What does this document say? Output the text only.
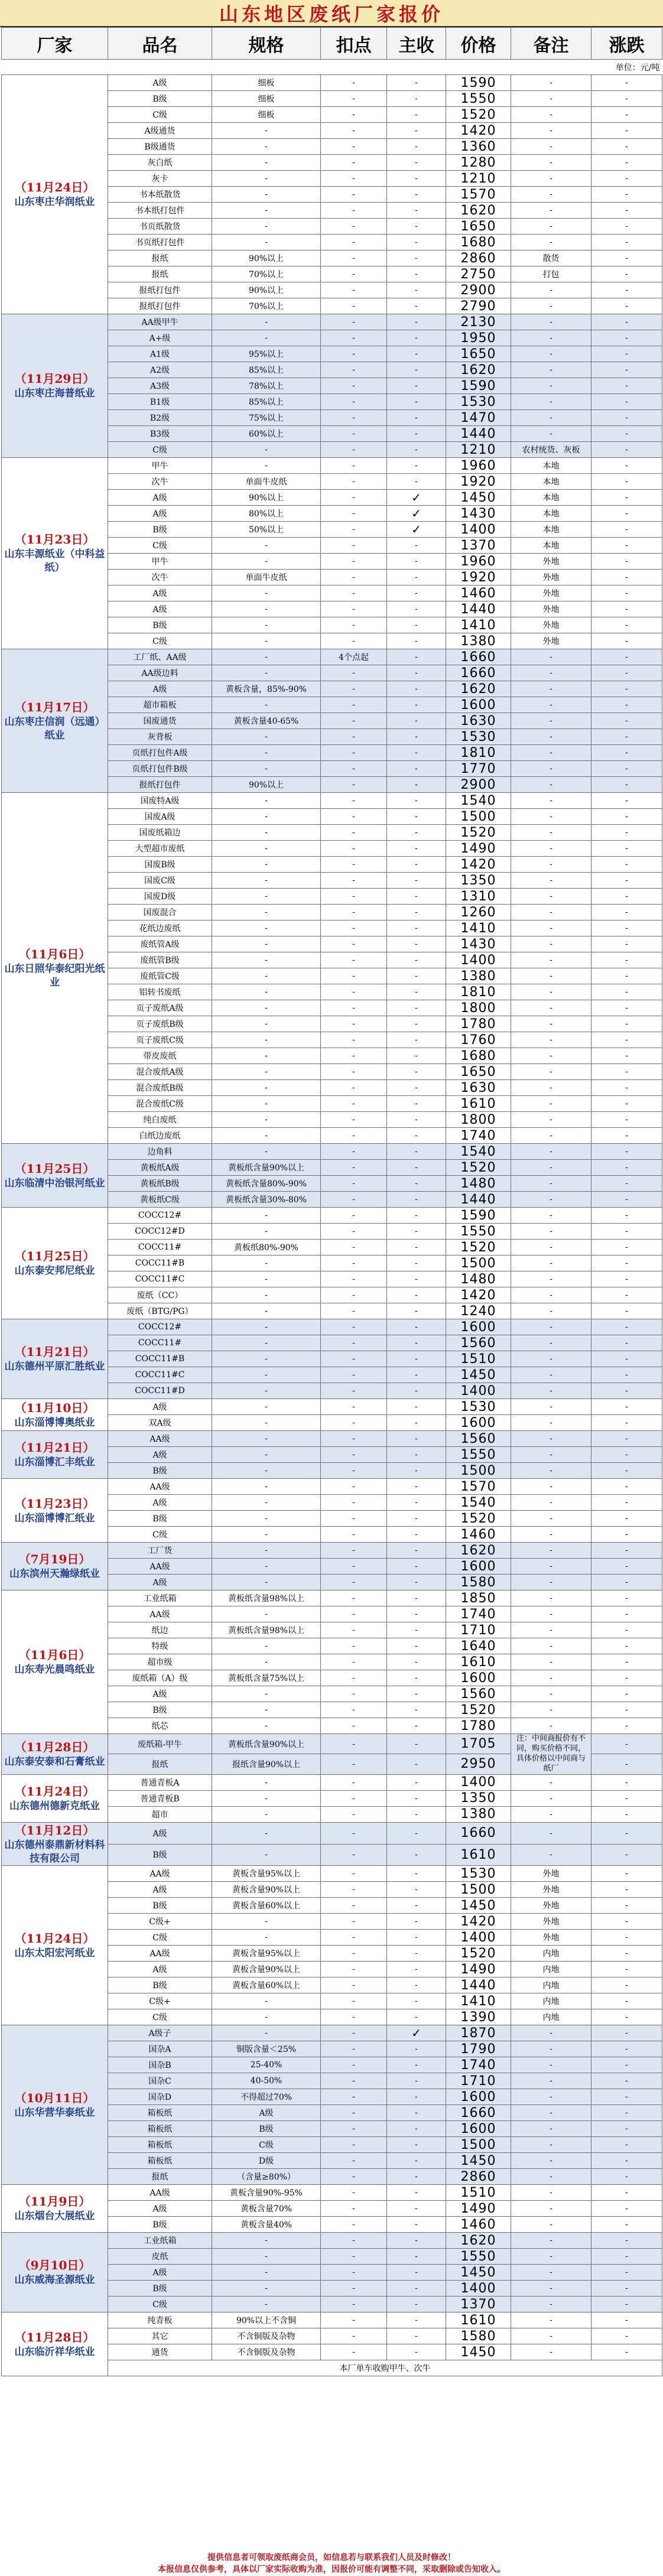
山东地区废纸厂家报价
厂家	品名	规格	扣点	主收	价格	备注	涨跌
单位：元/吨							

（11月24日）
山东枣庄华润纸业	A级	细板	-	-	1590	-	-
	B级	细板	-	-	1550	-	-
	C级	细板	-	-	1520	-	-
	A级通货	-	-	-	1420	-	-
	B级通货	-	-	-	1360	-	-
	灰白纸	-	-	-	1280	-	-
	灰卡	-	-	-	1210	-	-
	书本纸散货	-	-	-	1570	-	-
	书本纸打包件	-	-	-	1620	-	-
	书页纸散货	-	-	-	1650	-	-
	书页纸打包件	-	-	-	1680	-	-
	报纸	90%以上	-	-	2860	散货	-
	报纸	70%以上	-	-	2750	打包	-
	报纸打包件	90%以上	-	-	2900	-	-
	报纸打包件	70%以上	-	-	2790	-	-

（11月29日）
山东枣庄海普纸业	AA级甲牛	-	-	-	2130	-	-
	A+级	-	-	-	1950	-	-
	A1级	95%以上	-	-	1650	-	-
	A2级	85%以上	-	-	1620	-	-
	A3级	78%以上	-	-	1590	-	-
	B1级	85%以上	-	-	1530	-	-
	B2级	75%以上	-	-	1470	-	-
	B3级	60%以上	-	-	1440	-	-
	C级	-	-	-	1210	农村统货、灰板	-

（11月23日）
山东丰源纸业（中科益纸）	甲牛	-	-	-	1960	本地	-
	次牛	单面牛皮纸	-	-	1920	本地	-
	A级	90%以上	-	✓	1450	本地	-
	A级	80%以上	-	✓	1430	本地	-
	B级	50%以上	-	✓	1400	本地	-
	C级	-	-	-	1370	本地	-
	甲牛	-	-	-	1960	外地	-
	次牛	单面牛皮纸	-	-	1920	外地	-
	A级	-	-	-	1460	外地	-
	A级	-	-	-	1440	外地	-
	B级	-	-	-	1410	外地	-
	C级	-	-	-	1380	外地	-

（11月17日）
山东枣庄信润（远通）纸业	工厂纸、AA级	-	4个点起	-	1660	-	-
	AA级边料	-	-	-	1660	-	-
	A级	黄板含量，85%-90%	-	-	1620	-	-
	超市箱板	-	-	-	1600	-	-
	国废通货	黄板含量40-65%	-	-	1630	-	-
	灰背板	-	-	-	1530	-	-
	页纸打包件A级	-	-	-	1810	-	-
	页纸打包件B级	-	-	-	1770	-	-
	报纸打包件	90%以上	-	-	2900	-	-

（11月6日）
山东日照华泰纪阳光纸业	国废特A级	-	-	-	1540	-	-
	国废A级	-	-	-	1500	-	-
	国废纸箱边	-	-	-	1520	-	-
	大型超市废纸	-	-	-	1490	-	-
	国废B级	-	-	-	1420	-	-
	国废C级	-	-	-	1350	-	-
	国废D级	-	-	-	1310	-	-
	国废混合	-	-	-	1260	-	-
	花纸边废纸	-	-	-	1410	-	-
	废纸管A级	-	-	-	1430	-	-
	废纸管B级	-	-	-	1400	-	-
	废纸管C级	-	-	-	1380	-	-
	铝转书废纸	-	-	-	1810	-	-
	页子废纸A级	-	-	-	1800	-	-
	页子废纸B级	-	-	-	1780	-	-
	页子废纸C级	-	-	-	1760	-	-
	带皮废纸	-	-	-	1680	-	-
	混合废纸A级	-	-	-	1650	-	-
	混合废纸B级	-	-	-	1630	-	-
	混合废纸C级	-	-	-	1610	-	-
	纯白废纸	-	-	-	1800	-	-
	白纸边废纸	-	-	-	1740	-	-

（11月25日）
山东临清中治银河纸业	边角料	-	-	-	1540	-	-
	黄板纸A级	黄板纸含量90%以上	-	-	1520	-	-
	黄板纸B级	黄板纸含量80%-90%	-	-	1480	-	-
	黄板纸C级	黄板纸含量30%-80%	-	-	1440	-	-

（11月25日）
山东泰安邦尼纸业	COCC12#	-	-	-	1590	-	-
	COCC12#D	-	-	-	1550	-	-
	COCC11#	黄板纸80%-90%	-	-	1520	-	-
	COCC11#B	-	-	-	1500	-	-
	COCC11#C	-	-	-	1480	-	-
	废纸（CC）	-	-	-	1420	-	-
	废纸（BTG/PG）	-	-	-	1240	-	-

（11月21日）
山东德州平原汇胜纸业	COCC12#	-	-	-	1600	-	-
	COCC11#	-	-	-	1560	-	-
	COCC11#B	-	-	-	1510	-	-
	COCC11#C	-	-	-	1450	-	-
	COCC11#D	-	-	-	1400	-	-

（11月10日）
山东淄博博奥纸业	A级	-	-	-	1530	-	-
	双A级	-	-	-	1600	-	-

（11月21日）
山东淄博汇丰纸业	AA级	-	-	-	1560	-	-
	A级	-	-	-	1550	-	-
	B级	-	-	-	1500	-	-

（11月23日）
山东淄博博汇纸业	AA级	-	-	-	1570	-	-
	A级	-	-	-	1540	-	-
	B级	-	-	-	1520	-	-
	C级	-	-	-	1460	-	-

（7月19日）
山东滨州天瀚绿纸业	工厂货	-	-	-	1620	-	-
	AA级	-	-	-	1600	-	-
	A级	-	-	-	1580	-	-

（11月6日）
山东寿光晨鸣纸业	工业纸箱	黄板纸含量98%以上	-	-	1850	-	-
	AA级	-	-	-	1740	-	-
	纸边	黄板纸含量98%以上	-	-	1710	-	-
	特级	-	-	-	1640	-	-
	超市级	-	-	-	1610	-	-
	废纸箱（A）级	黄板纸含量75%以上	-	-	1600	-	-
	A级	-	-	-	1560	-	-
	B级	-	-	-	1520	-	-
	纸芯	-	-	-	1780	-	-

（11月28日）
山东泰安泰和石膏纸业	废纸箱-甲牛	黄板纸含量90%以上	-	-	1705	注：中间商报价有不同，购买价格不同，具体价格以中间商与纸厂	-
	报纸	报纸含量90%以上	-	-	2950		-

（11月24日）
山东德州德新克纸业	普通青板A	-	-	-	1400	-	-
	普通青板B	-	-	-	1350	-	-
	超市	-	-	-	1380	-	-

（11月12日）
山东德州泰鼎新材料科技有限公司	A级	-	-	-	1660	-	-
	B级	-	-	-	1610	-	-

（11月24日）
山东太阳宏河纸业	AA级	黄板含量95%以上	-	-	1530	外地	-
	A级	黄板含量90%以上	-	-	1500	外地	-
	B级	黄板含量60%以上	-	-	1450	外地	-
	C级+	-	-	-	1420	外地	-
	C级	-	-	-	1400	外地	-
	AA级	黄板含量95%以上	-	-	1520	内地	-
	A级	黄板含量90%以上	-	-	1490	内地	-
	B级	黄板含量60%以上	-	-	1440	内地	-
	C级+	-	-	-	1410	内地	-
	C级	-	-	-	1390	内地	-

（10月11日）
山东华营华泰纸业	A级子	-	-	✓	1870	-	-
	国杂A	铜版含量＜25%	-	-	1790	-	-
	国杂B	25-40%	-	-	1740	-	-
	国杂C	40-50%	-	-	1710	-	-
	国杂D	不得超过70%	-	-	1600	-	-
	箱板纸	A级	-	-	1660	-	-
	箱板纸	B级	-	-	1600	-	-
	箱板纸	C级	-	-	1500	-	-
	箱板纸	D级	-	-	1450	-	-
	报纸	（含量≥80%）	-	-	2860	-	-

（11月9日）
山东烟台大展纸业	AA级	黄板含量90%-95%	-	-	1510	-	-
	A级	黄板含量70%	-	-	1490	-	-
	B级	黄板含量40%	-	-	1460	-	-

（9月10日）
山东威海圣源纸业	工业纸箱	-	-	-	1620	-	-
	皮纸	-	-	-	1550	-	-
	A级	-	-	-	1450	-	-
	B级	-	-	-	1400	-	-
	C级	-	-	-	1370	-	-

（11月28日）
山东临沂祥华纸业	纯青板	90%以上不含铜	-	-	1610	-	-
	其它	不含铜版及杂物	-	-	1580	-	-
	通货	不含铜版及杂物	-	-	1450	-	-
	本厂单车收购甲牛、次牛						
提供信息者可领取废纸商会员，如信息若与联系我们人员及时修改！
本报信息仅供参考，具体以厂家实际收购为准，因报价可能有调整不同，采取删除或告知收入。
